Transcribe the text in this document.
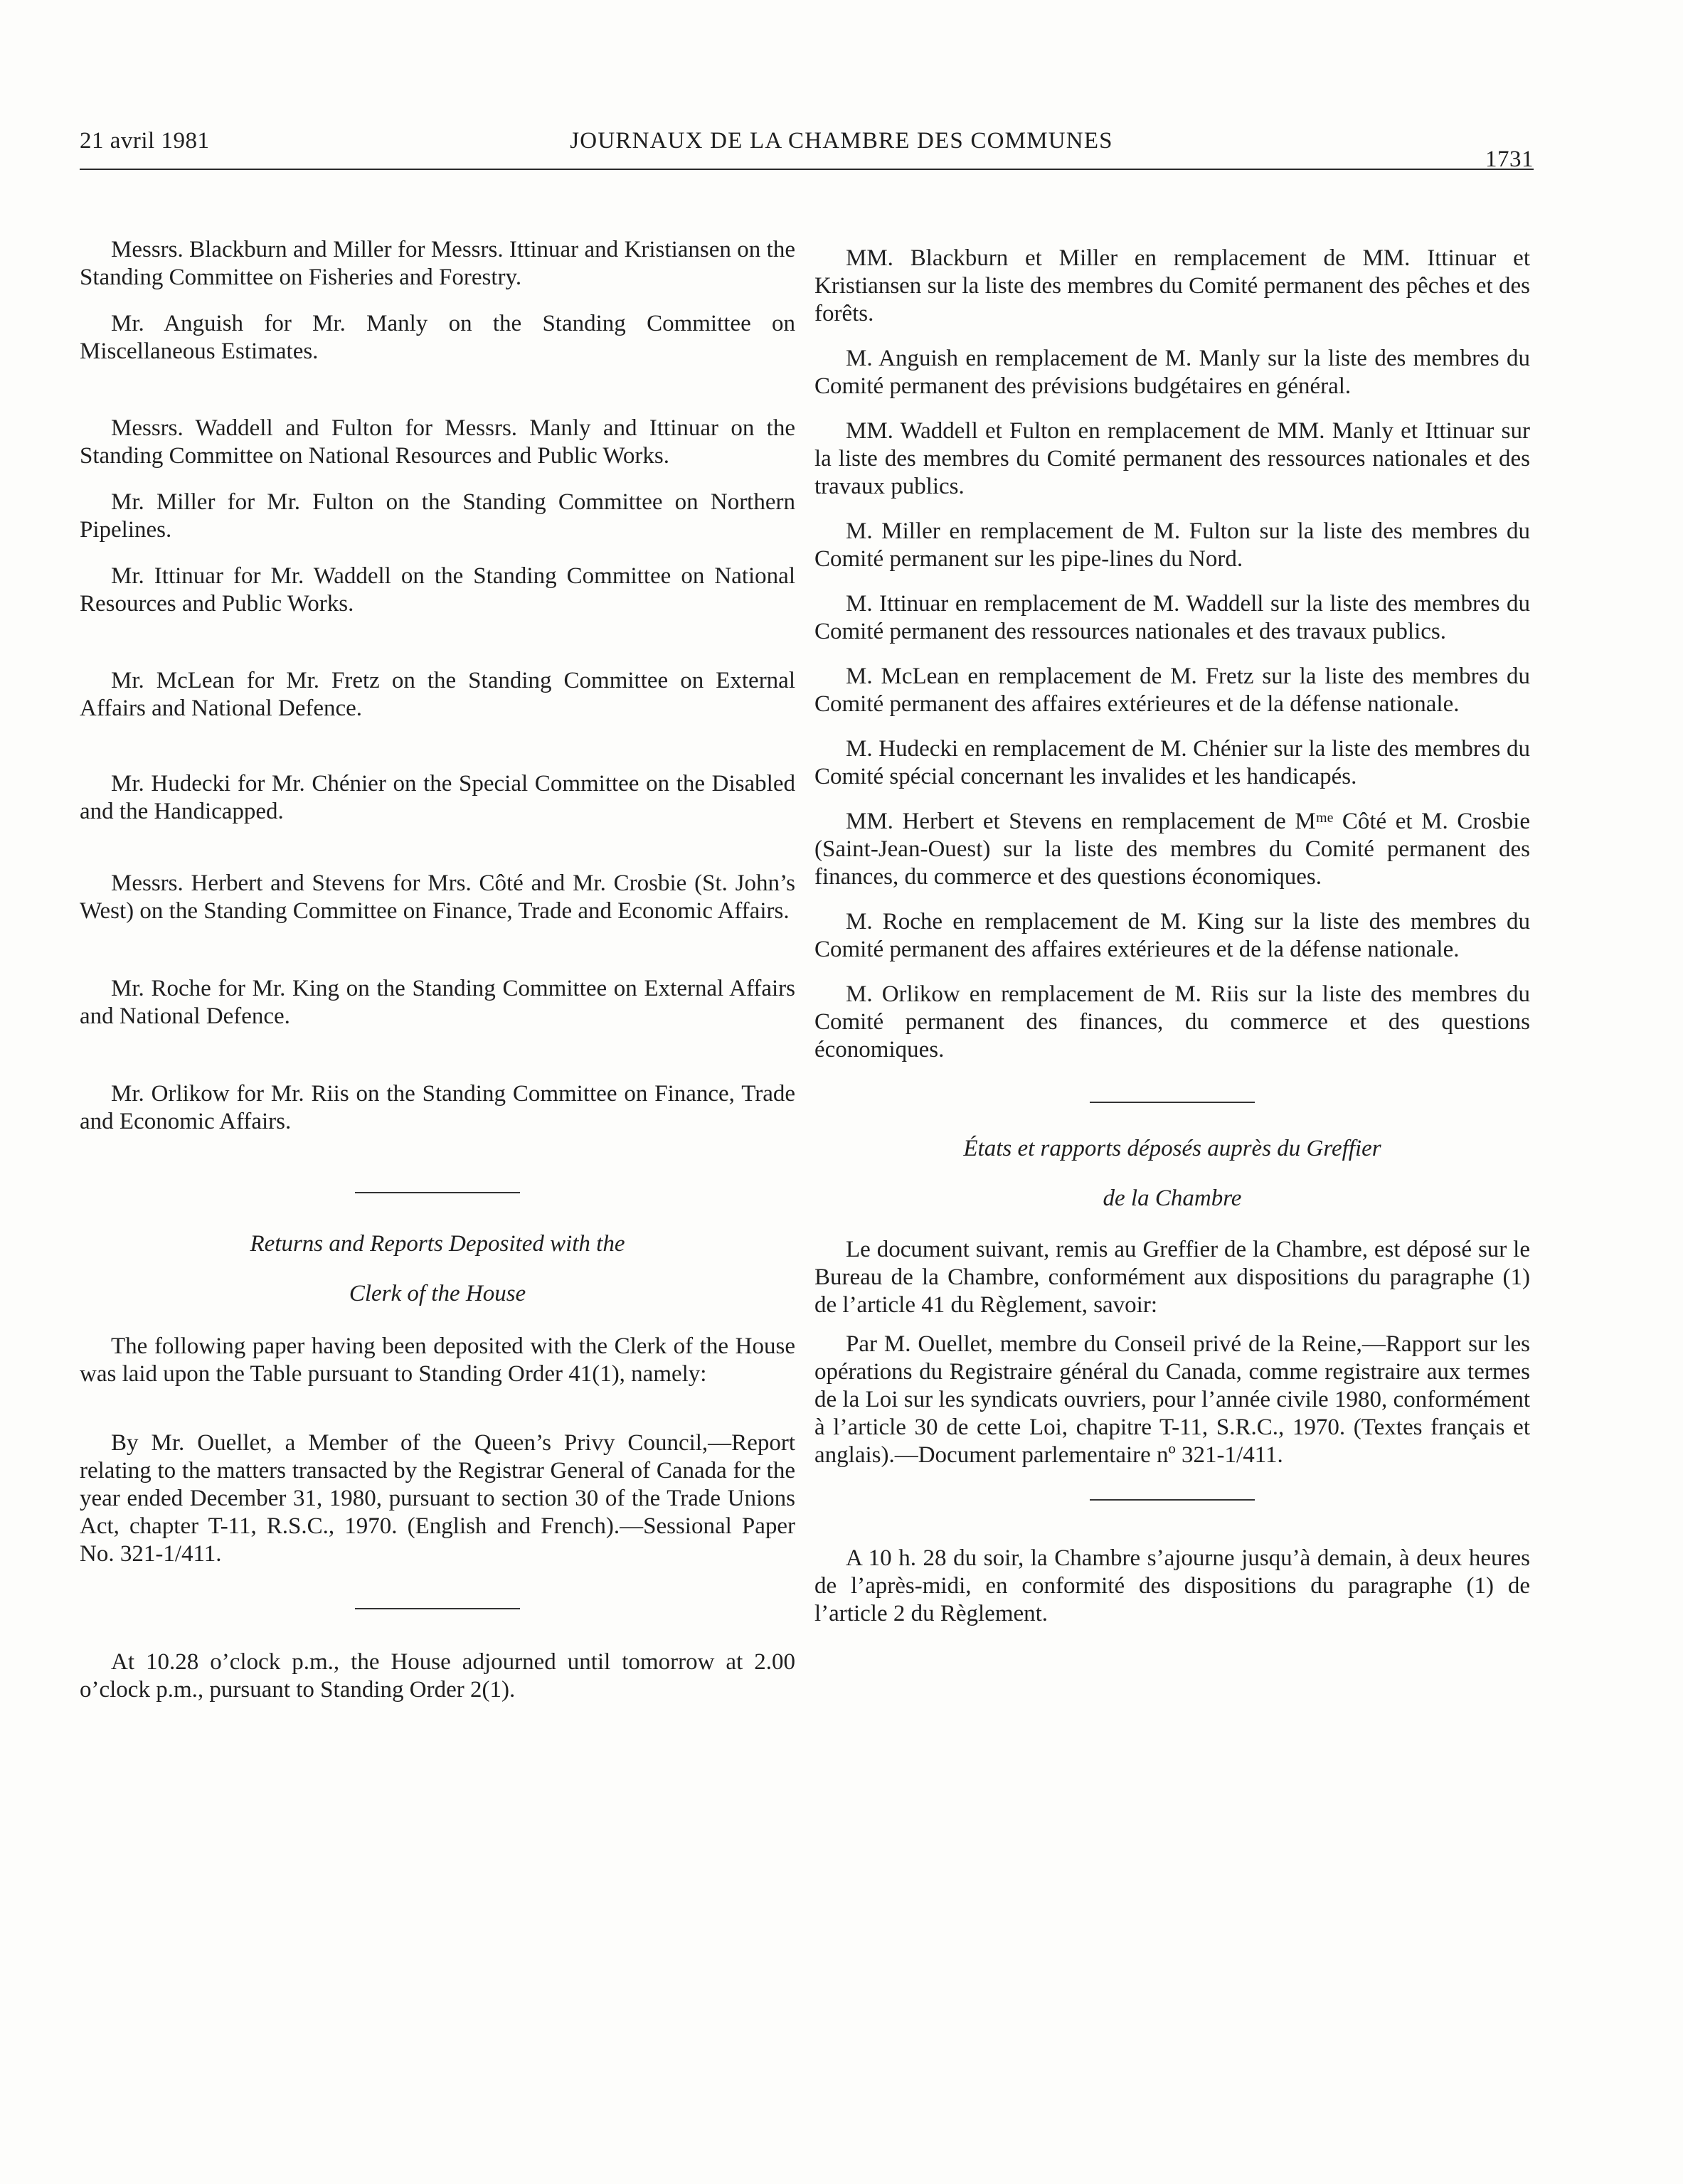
21 avril 1981	JOURNAUX DE LA CHAMBRE DES COMMUNES
1731

Messrs. Blackburn and Miller for Messrs. Ittinuar and Kristiansen on the Standing Committee on Fisheries and Forestry.

Mr. Anguish for Mr. Manly on the Standing Committee on Miscellaneous Estimates.

Messrs. Waddell and Fulton for Messrs. Manly and Ittinuar on the Standing Committee on National Resources and Public Works.

Mr. Miller for Mr. Fulton on the Standing Committee on Northern Pipelines.

Mr. Ittinuar for Mr. Waddell on the Standing Committee on National Resources and Public Works.

Mr. McLean for Mr. Fretz on the Standing Committee on External Affairs and National Defence.

Mr. Hudecki for Mr. Chénier on the Special Committee on the Disabled and the Handicapped.

Messrs. Herbert and Stevens for Mrs. Côté and Mr. Crosbie (St. John’s West) on the Standing Committee on Finance, Trade and Economic Affairs.

Mr. Roche for Mr. King on the Standing Committee on External Affairs and National Defence.

Mr. Orlikow for Mr. Riis on the Standing Committee on Finance, Trade and Economic Affairs.

Returns and Reports Deposited with the

Clerk of the House

The following paper having been deposited with the Clerk of the House was laid upon the Table pursuant to Standing Order 41(1), namely:

By Mr. Ouellet, a Member of the Queen’s Privy Council,—Report relating to the matters transacted by the Registrar General of Canada for the year ended December 31, 1980, pursuant to section 30 of the Trade Unions Act, chapter T-11, R.S.C., 1970. (English and French).—Sessional Paper No. 321-1/411.

At 10.28 o’clock p.m., the House adjourned until tomorrow at 2.00 o’clock p.m., pursuant to Standing Order 2(1).

MM. Blackburn et Miller en remplacement de MM. Ittinuar et Kristiansen sur la liste des membres du Comité permanent des pêches et des forêts.

M. Anguish en remplacement de M. Manly sur la liste des membres du Comité permanent des prévisions budgétaires en général.

MM. Waddell et Fulton en remplacement de MM. Manly et Ittinuar sur la liste des membres du Comité permanent des ressources nationales et des travaux publics.

M. Miller en remplacement de M. Fulton sur la liste des membres du Comité permanent sur les pipe-lines du Nord.

M. Ittinuar en remplacement de M. Waddell sur la liste des membres du Comité permanent des ressources nationales et des travaux publics.

M. McLean en remplacement de M. Fretz sur la liste des membres du Comité permanent des affaires extérieures et de la défense nationale.

M. Hudecki en remplacement de M. Chénier sur la liste des membres du Comité spécial concernant les invalides et les handicapés.

MM. Herbert et Stevens en remplacement de Mᵐᵉ Côté et M. Crosbie (Saint-Jean-Ouest) sur la liste des membres du Comité permanent des finances, du commerce et des questions économiques.

M. Roche en remplacement de M. King sur la liste des membres du Comité permanent des affaires extérieures et de la défense nationale.

M. Orlikow en remplacement de M. Riis sur la liste des membres du Comité permanent des finances, du commerce et des questions économiques.

États et rapports déposés auprès du Greffier

de la Chambre

Le document suivant, remis au Greffier de la Chambre, est déposé sur le Bureau de la Chambre, conformément aux dispositions du paragraphe (1) de l’article 41 du Règlement, savoir:

Par M. Ouellet, membre du Conseil privé de la Reine,—Rapport sur les opérations du Registraire général du Canada, comme registraire aux termes de la Loi sur les syndicats ouvriers, pour l’année civile 1980, conformément à l’article 30 de cette Loi, chapitre T-11, S.R.C., 1970. (Textes français et anglais).—Document parlementaire nº 321-1/411.

A 10 h. 28 du soir, la Chambre s’ajourne jusqu’à demain, à deux heures de l’après-midi, en conformité des dispositions du paragraphe (1) de l’article 2 du Règlement.
